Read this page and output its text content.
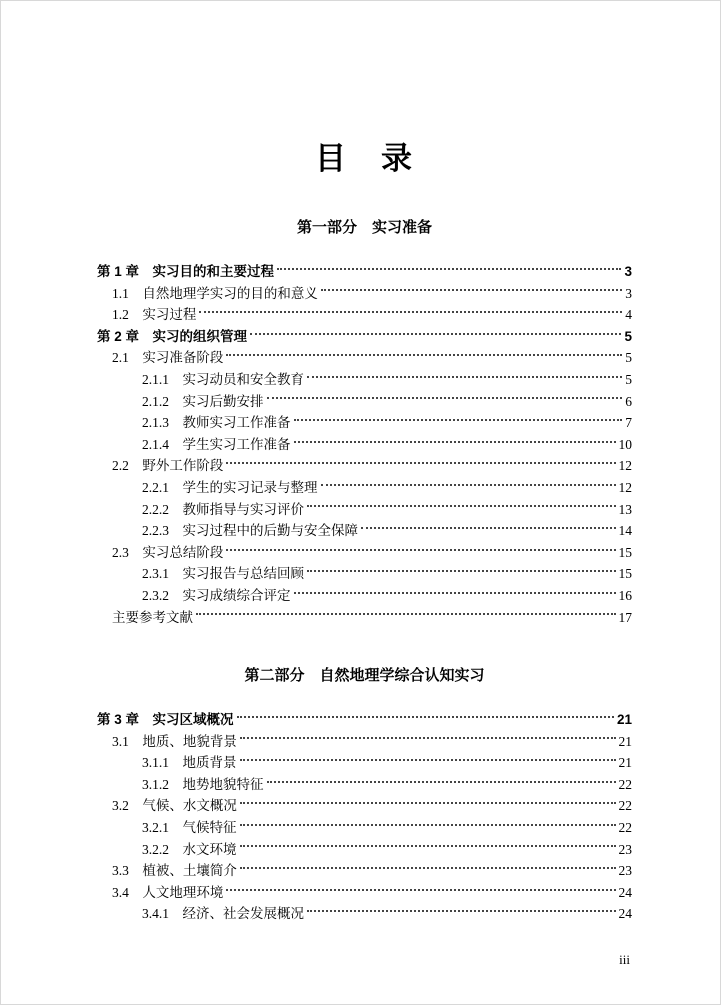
目　录
第一部分　实习准备
第 1 章　实习目的和主要过程	3
1.1　自然地理学实习的目的和意义	3
1.2　实习过程	4
第 2 章　实习的组织管理	5
2.1　实习准备阶段	5
2.1.1　实习动员和安全教育	5
2.1.2　实习后勤安排	6
2.1.3　教师实习工作准备	7
2.1.4　学生实习工作准备	10
2.2　野外工作阶段	12
2.2.1　学生的实习记录与整理	12
2.2.2　教师指导与实习评价	13
2.2.3　实习过程中的后勤与安全保障	14
2.3　实习总结阶段	15
2.3.1　实习报告与总结回顾	15
2.3.2　实习成绩综合评定	16
主要参考文献	17
第二部分　自然地理学综合认知实习
第 3 章　实习区域概况	21
3.1　地质、地貌背景	21
3.1.1　地质背景	21
3.1.2　地势地貌特征	22
3.2　气候、水文概况	22
3.2.1　气候特征	22
3.2.2　水文环境	23
3.3　植被、土壤简介	23
3.4　人文地理环境	24
3.4.1　经济、社会发展概况	24
iii
